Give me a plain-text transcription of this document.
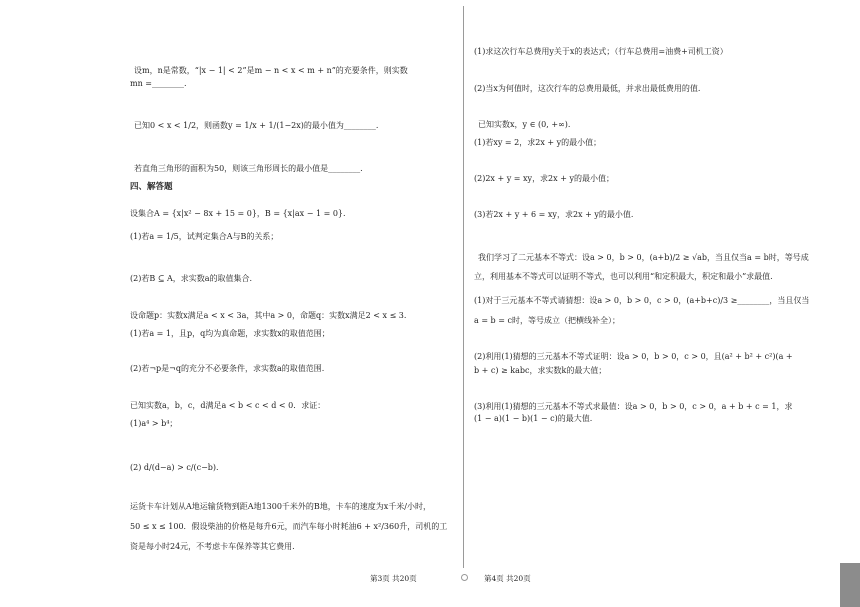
设m，n是常数，“|x − 1| < 2”是m − n < x < m + n”的充要条件，则实数
mn =________.
已知0 < x < 1/2，则函数y = 1/x + 1/(1−2x)的最小值为________.
若直角三角形的面积为50，则该三角形周长的最小值是________.
四、解答题
设集合A = {x|x² − 8x + 15 = 0}，B = {x|ax − 1 = 0}.
(1)若a = 1/5，试判定集合A与B的关系；
(2)若B ⊆ A，求实数a的取值集合.
设命题p：实数x满足a < x < 3a，其中a > 0，命题q：实数x满足2 < x ≤ 3.
(1)若a = 1，且p，q均为真命题，求实数x的取值范围；
(2)若¬p是¬q的充分不必要条件，求实数a的取值范围.
已知实数a，b，c，d满足a < b < c < d < 0．求证：
(1)a⁴ > b⁴；
(2) d/(d−a) > c/(c−b).
运货卡车计划从A地运输货物到距A地1300千米外的B地，卡车的速度为x千米/小时，
50 ≤ x ≤ 100．假设柴油的价格是每升6元，而汽车每小时耗油6 + x²/360升，司机的工
资是每小时24元，不考虑卡车保养等其它费用.
(1)求这次行车总费用y关于x的表达式；（行车总费用=油费+司机工资）
(2)当x为何值时，这次行车的总费用最低，并求出最低费用的值.
已知实数x，y ∈ (0, +∞).
(1)若xy = 2，求2x + y的最小值；
(2)2x + y = xy，求2x + y的最小值；
(3)若2x + y + 6 = xy，求2x + y的最小值.
我们学习了二元基本不等式：设a > 0，b > 0，(a+b)/2 ≥ √ab，当且仅当a = b时，等号成
立，利用基本不等式可以证明不等式，也可以利用“和定积最大，积定和最小”求最值.
(1)对于三元基本不等式请猜想：设a > 0，b > 0，c > 0，(a+b+c)/3 ≥________，当且仅当
a = b = c时，等号成立（把横线补全）；
(2)利用(1)猜想的三元基本不等式证明：设a > 0，b > 0，c > 0，且(a² + b² + c²)(a +
b + c) ≥ kabc，求实数k的最大值；
(3)利用(1)猜想的三元基本不等式求最值：设a > 0，b > 0，c > 0，a + b + c = 1，求
(1 − a)(1 − b)(1 − c)的最大值.
第3页 共20页	第4页 共20页
